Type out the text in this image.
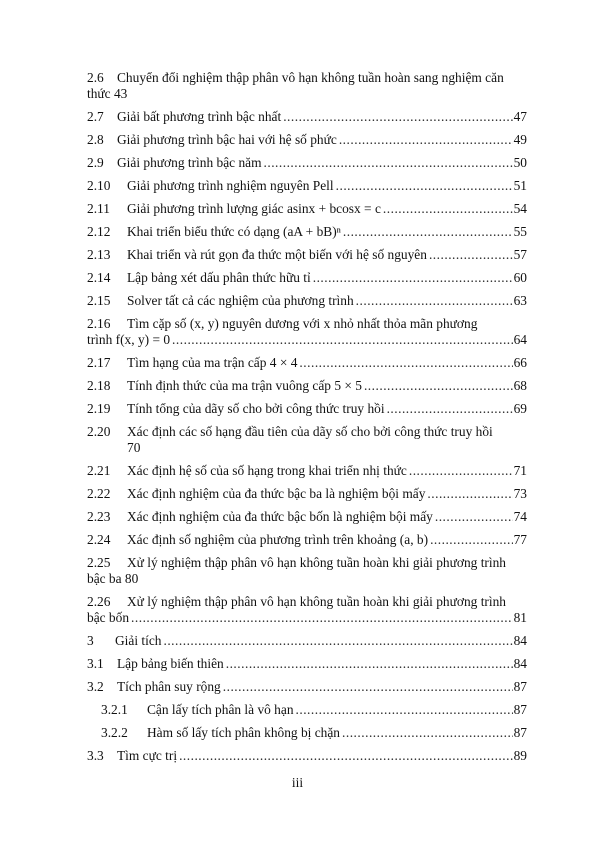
2.6 Chuyển đổi nghiệm thập phân vô hạn không tuần hoàn sang nghiệm căn
thức 43
2.7 Giải bất phương trình bậc nhất .....	47
2.8 Giải phương trình bậc hai với hệ số phức .....	49
2.9 Giải phương trình bậc năm .....	50
2.10	Giải phương trình nghiệm nguyên Pell .....	51
2.11	Giải phương trình lượng giác asinx + bcosx = c .....	54
2.12	Khai triển biểu thức có dạng (aA + bB)ⁿ .....	55
2.13	Khai triển và rút gọn đa thức một biến với hệ số nguyên .....	57
2.14	Lập bảng xét dấu phân thức hữu tỉ .....	60
2.15	Solver tất cả các nghiệm của phương trình .....	63
2.16	Tìm cặp số (x, y) nguyên dương với x nhỏ nhất thỏa mãn phương
trình f(x, y) = 0 .....	64
2.17	Tìm hạng của ma trận cấp 4 × 4 .....	66
2.18	Tính định thức của ma trận vuông cấp 5 × 5 .....	68
2.19	Tính tổng của dãy số cho bởi công thức truy hồi .....	69
2.20	Xác định các số hạng đầu tiên của dãy số cho bởi công thức truy hồi
70
2.21	Xác định hệ số của số hạng trong khai triển nhị thức .....	71
2.22	Xác định nghiệm của đa thức bậc ba là nghiệm bội mấy .....	73
2.23	Xác định nghiệm của đa thức bậc bốn là nghiệm bội mấy .....	74
2.24	Xác định số nghiệm của phương trình trên khoảng (a, b) .....	77
2.25	Xử lý nghiệm thập phân vô hạn không tuần hoàn khi giải phương trình
bậc ba 80
2.26	Xử lý nghiệm thập phân vô hạn không tuần hoàn khi giải phương trình
bậc bốn .....	81
3	Giải tích .....	84
3.1 Lập bảng biến thiên .....	84
3.2 Tích phân suy rộng .....	87
3.2.1	Cận lấy tích phân là vô hạn .....	87
3.2.2	Hàm số lấy tích phân không bị chặn .....	87
3.3 Tìm cực trị .....	89
iii
